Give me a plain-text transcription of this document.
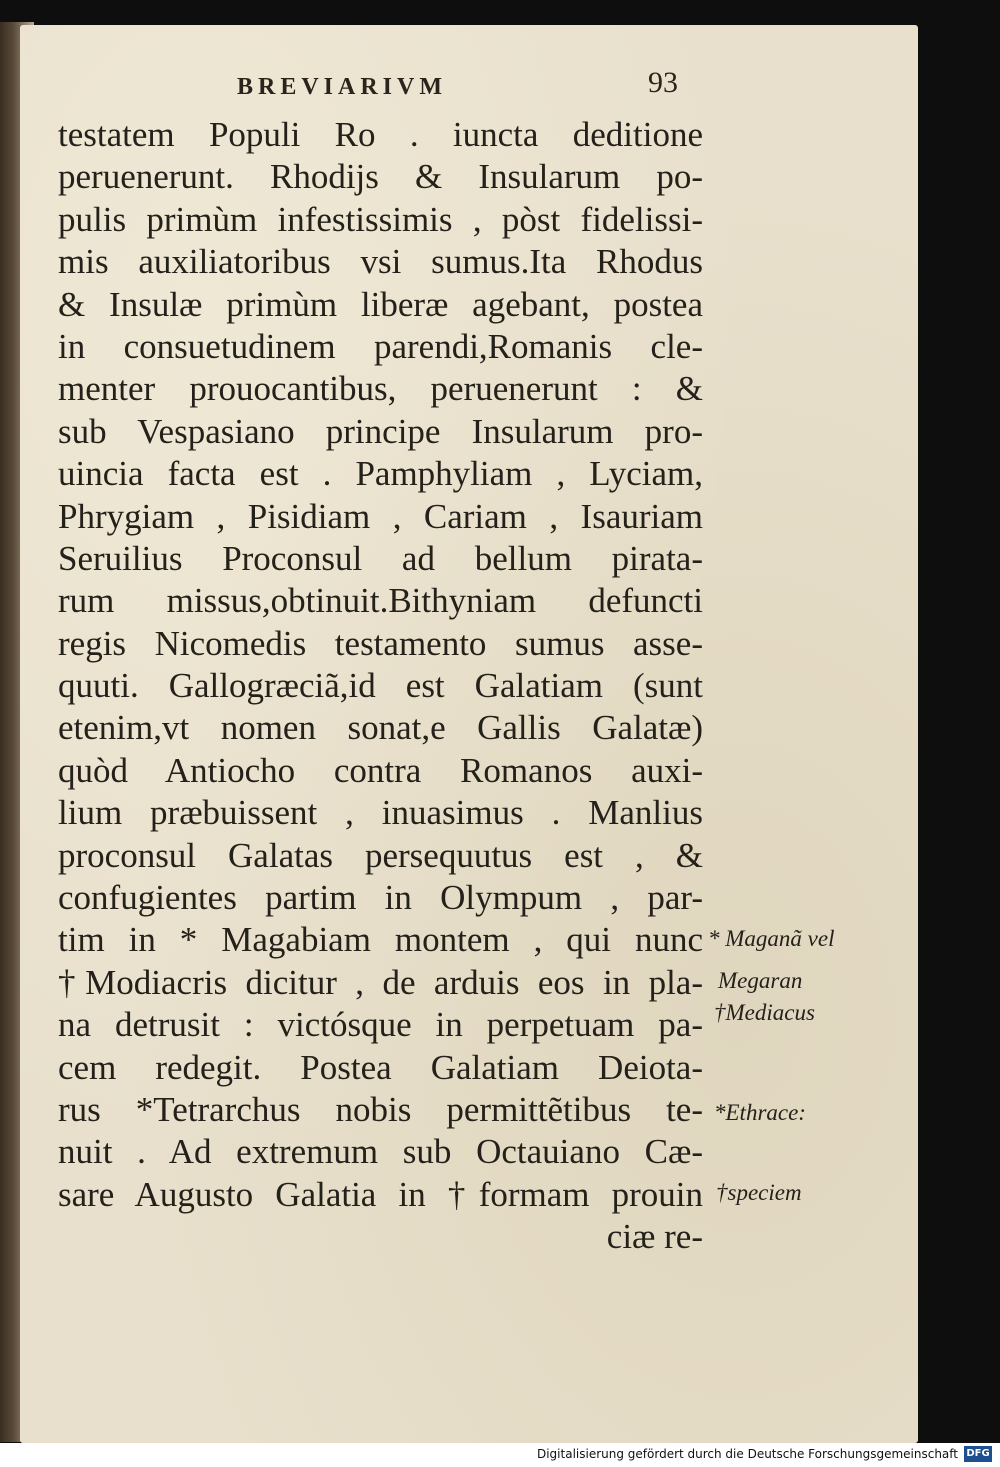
BREVIARIVM	93
testatem Populi Ro . iuncta deditione
peruenerunt. Rhodijs & Insularum po-
pulis primùm infestissimis , pòst fidelissi-
mis auxiliatoribus vsi sumus.Ita Rhodus
& Insulæ primùm liberæ agebant, postea
in consuetudinem parendi,Romanis cle-
menter prouocantibus, peruenerunt : &
sub Vespasiano principe Insularum pro-
uincia facta est . Pamphyliam , Lyciam,
Phrygiam , Pisidiam , Cariam , Isauriam
Seruilius Proconsul ad bellum pirata-
rum missus,obtinuit.Bithyniam defuncti
regis Nicomedis testamento sumus asse-
quuti. Gallogræciã,id est Galatiam (sunt
etenim,vt nomen sonat,e Gallis Galatæ)
quòd Antiocho contra Romanos auxi-
lium præbuissent , inuasimus . Manlius
proconsul Galatas persequutus est , &
confugientes partim in Olympum , par-
tim in * Magabiam montem , qui nunc
†Modiacris dicitur , de arduis eos in pla-
na detrusit : victósque in perpetuam pa-
cem redegit. Postea Galatiam Deiota-
rus *Tetrarchus nobis permittẽtibus te-
nuit . Ad extremum sub Octauiano Cæ-
sare Augusto Galatia in †formam prouin
ciæ re-
* Maganã vel
Megaran
†Mediacus
*Ethrace:
†speciem
Digitalisierung gefördert durch die Deutsche Forschungsgemeinschaft DFG
